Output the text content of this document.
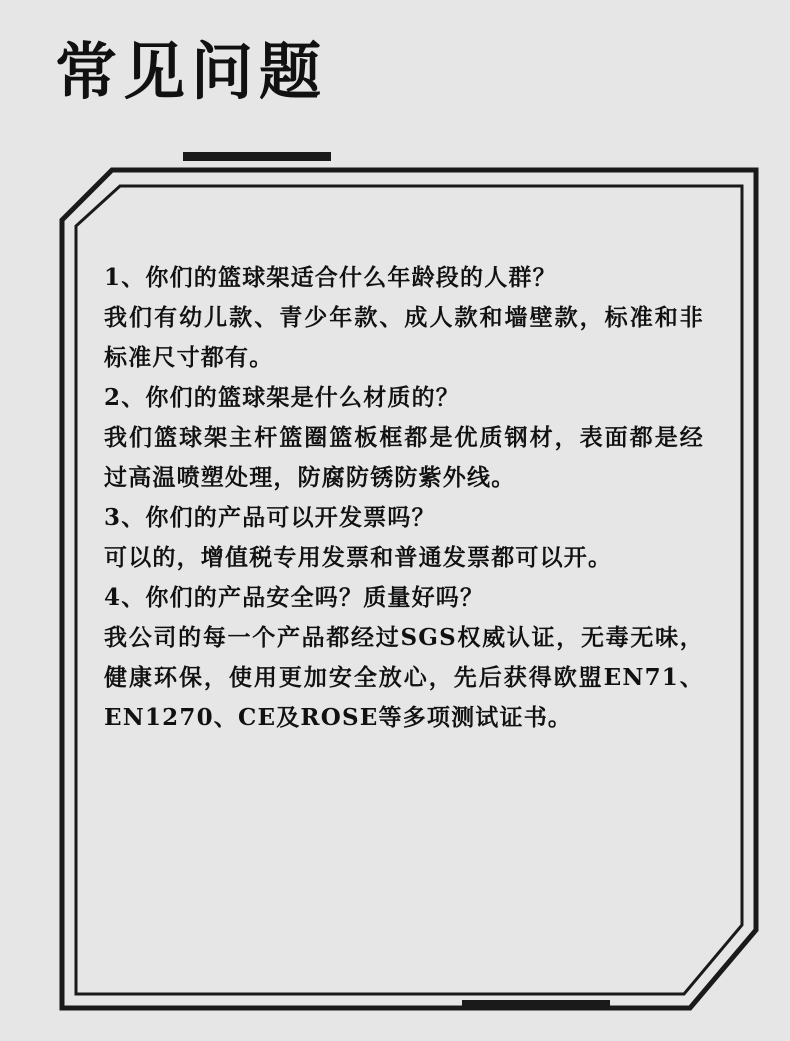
常见问题

1、你们的篮球架适合什么年龄段的人群？

我们有幼儿款、青少年款、成人款和墙壁款，标准和非标准尺寸都有。

2、你们的篮球架是什么材质的？

我们篮球架主杆篮圈篮板框都是优质钢材，表面都是经过高温喷塑处理，防腐防锈防紫外线。

3、你们的产品可以开发票吗？

可以的，增值税专用发票和普通发票都可以开。

4、你们的产品安全吗？质量好吗？

我公司的每一个产品都经过SGS权威认证，无毒无味，健康环保，使用更加安全放心，先后获得欧盟EN71、EN1270、CE及ROSE等多项测试证书。
